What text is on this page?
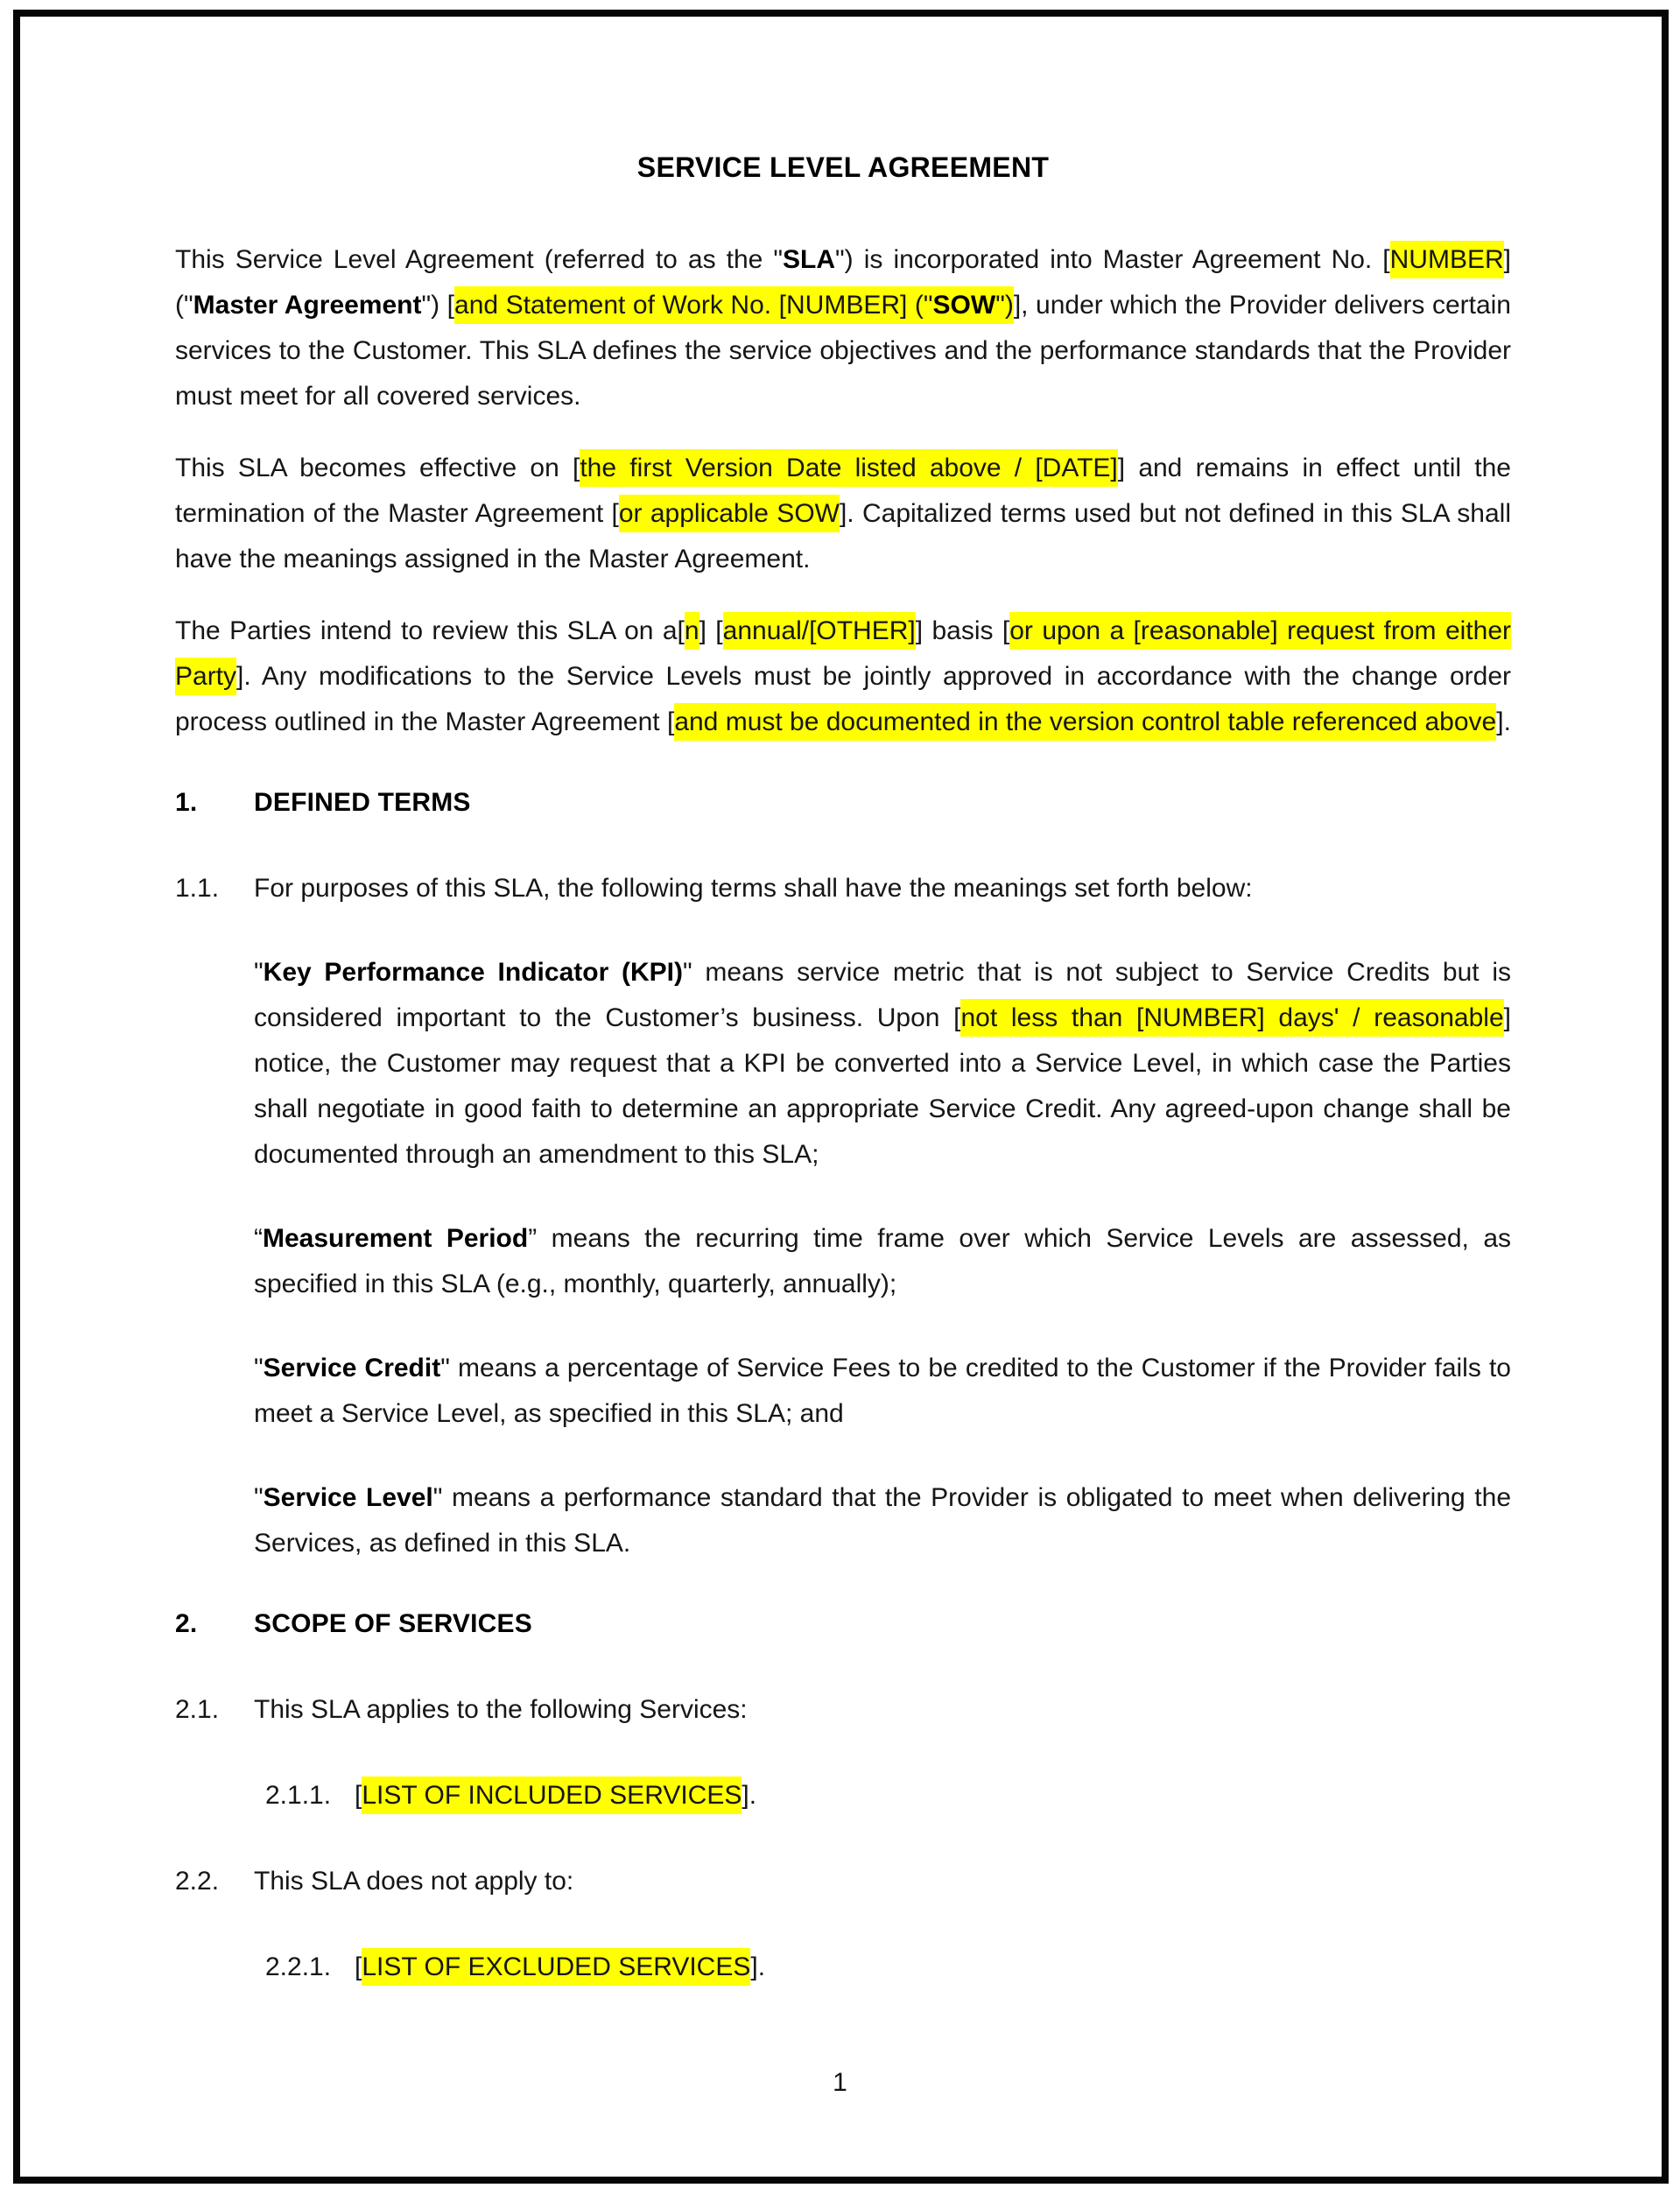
SERVICE LEVEL AGREEMENT
This Service Level Agreement (referred to as the "SLA") is incorporated into Master Agreement No. [NUMBER] ("Master Agreement") [and Statement of Work No. [NUMBER] ("SOW")], under which the Provider delivers certain services to the Customer. This SLA defines the service objectives and the performance standards that the Provider must meet for all covered services.
This SLA becomes effective on [the first Version Date listed above / [DATE]] and remains in effect until the termination of the Master Agreement [or applicable SOW]. Capitalized terms used but not defined in this SLA shall have the meanings assigned in the Master Agreement.
The Parties intend to review this SLA on a[n] [annual/[OTHER]] basis [or upon a [reasonable] request from either Party]. Any modifications to the Service Levels must be jointly approved in accordance with the change order process outlined in the Master Agreement [and must be documented in the version control table referenced above].
1.	DEFINED TERMS
1.1.	For purposes of this SLA, the following terms shall have the meanings set forth below:
"Key Performance Indicator (KPI)" means service metric that is not subject to Service Credits but is considered important to the Customer’s business. Upon [not less than [NUMBER] days' / reasonable] notice, the Customer may request that a KPI be converted into a Service Level, in which case the Parties shall negotiate in good faith to determine an appropriate Service Credit. Any agreed-upon change shall be documented through an amendment to this SLA;
“Measurement Period” means the recurring time frame over which Service Levels are assessed, as specified in this SLA (e.g., monthly, quarterly, annually);
"Service Credit" means a percentage of Service Fees to be credited to the Customer if the Provider fails to meet a Service Level, as specified in this SLA; and
"Service Level" means a performance standard that the Provider is obligated to meet when delivering the Services, as defined in this SLA.
2.	SCOPE OF SERVICES
2.1.	This SLA applies to the following Services:
2.1.1. [LIST OF INCLUDED SERVICES].
2.2.	This SLA does not apply to:
2.2.1. [LIST OF EXCLUDED SERVICES].
1
